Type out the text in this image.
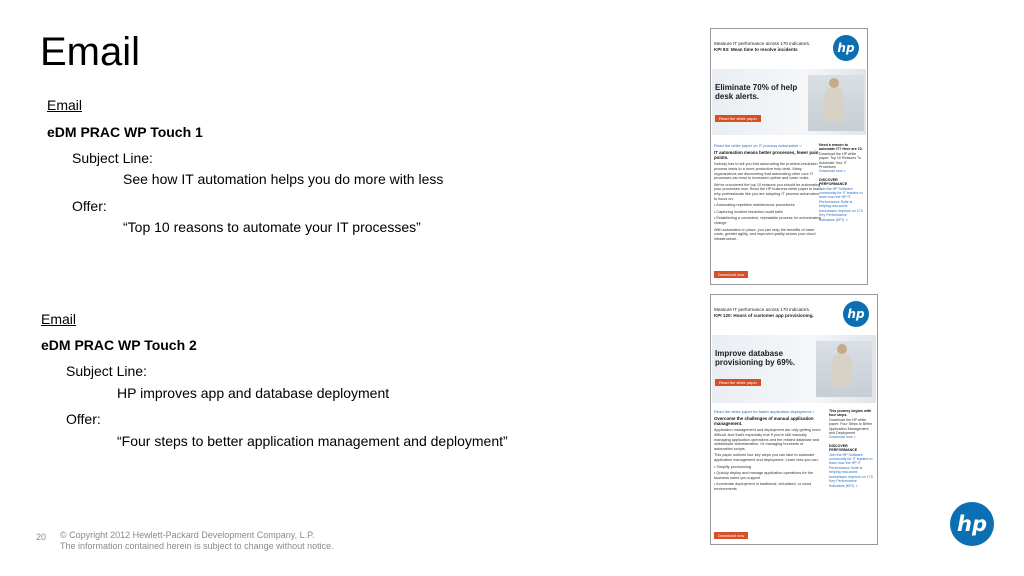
Email
Email
eDM PRAC WP Touch 1
Subject Line:
See how IT automation helps you do more with less
Offer:
“Top 10 reasons to automate your IT processes”
Email
eDM PRAC WP Touch 2
Subject Line:
HP improves app and database deployment
Offer:
“Four steps to better application management and deployment”
Measure IT performance across 170 indicators.
KPI 93: Mean time to resolve incidents	hp
Eliminate 70% of help desk alerts.
Read the white paper
Read the white paper on IT process automation >
IT automation means better processes, fewer pain points.

Nobody has to tell you that automating the problem-resolution process leads to a more productive help desk. Many organizations are discovering that automating other core IT processes can lead to increased uptime and lower costs.

We've uncovered the top 10 reasons you should be automating your processes now. Read the HP business white paper to learn why professionals like you are adopting IT process automation to focus on:

• Automating repetitive maintenance procedures

• Capturing incident resolution audit trails

• Establishing a consistent, repeatable process for orchestrating change

With automation in place, you can reap the benefits of lower costs, greater agility, and improved quality across your cloud infrastructure.

Download now
Need a reason to automate IT? Here are 10.
Download the HP white paper: Top 10 Reasons To Automate Your IT Processes
Download now >
DISCOVER PERFORMANCE
Join the HP Software community for IT leaders to learn how the HP IT Performance Suite is helping real-world businesses improve on 170 Key Performance Indicators (KPI). >
Measure IT performance across 170 indicators.
KPI 120: Hours of customer app provisioning.	hp
Improve database provisioning by 69%.
Read the white paper
Read the white paper for faster application deployment >
Overcome the challenges of manual application management.

Application management and deployment are only getting more difficult. And that's especially true if you're still manually managing application operations and the related database and middleware administration. Or managing hundreds of automation scripts.

This paper outlines four key steps you can take to automate application management and deployment. Learn how you can:

• Simplify provisioning

• Quickly deploy and manage application operations for the business users you support

• Accelerate deployment in traditional, virtualized, or cloud environments

Download now
This journey begins with four steps.
Download the HP white paper: Four Steps to Better Application Management and Deployment
Download now >
DISCOVER PERFORMANCE
Join the HP Software community for IT leaders to learn how the HP IT Performance Suite is helping real-world businesses improve on 170 Key Performance Indicators (KPI). >
20 © Copyright 2012 Hewlett-Packard Development Company, L.P.
The information contained herein is subject to change without notice.
hp
